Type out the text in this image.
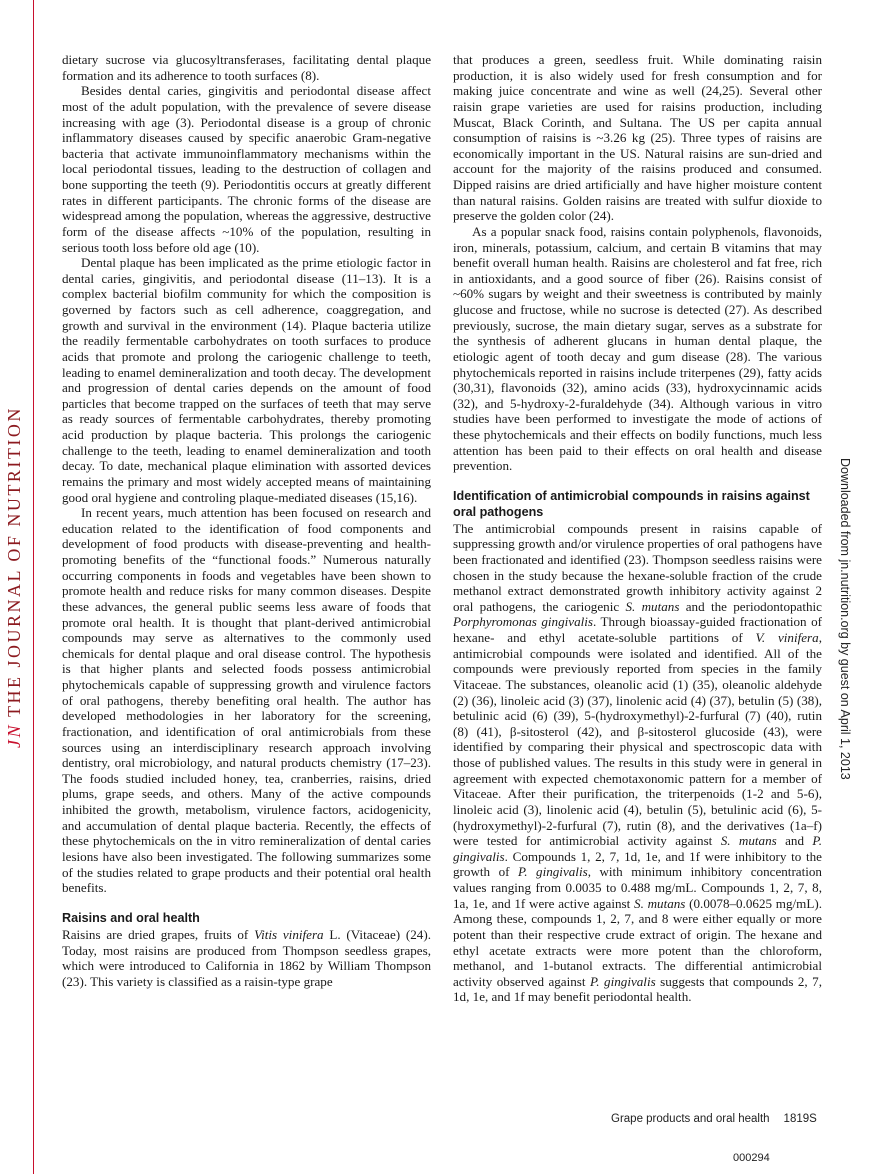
JNTHE JOURNAL OF NUTRITION	Downloaded from jn.nutrition.org by guest on April 1, 2013

dietary sucrose via glucosyltransferases, facilitating dental plaque formation and its adherence to tooth surfaces (8).

Besides dental caries, gingivitis and periodontal disease affect most of the adult population, with the prevalence of severe disease increasing with age (3). Periodontal disease is a group of chronic inflammatory diseases caused by specific anaerobic Gram-negative bacteria that activate immunoinflammatory mechanisms within the local periodontal tissues, leading to the destruction of collagen and bone supporting the teeth (9). Periodontitis occurs at greatly different rates in different participants. The chronic forms of the disease are widespread among the population, whereas the aggressive, destructive form of the disease affects ~10% of the population, resulting in serious tooth loss before old age (10).

Dental plaque has been implicated as the prime etiologic factor in dental caries, gingivitis, and periodontal disease (11–13). It is a complex bacterial biofilm community for which the composition is governed by factors such as cell adherence, coaggregation, and growth and survival in the environment (14). Plaque bacteria utilize the readily fermentable carbohydrates on tooth surfaces to produce acids that promote and prolong the cariogenic challenge to teeth, leading to enamel demineralization and tooth decay. The development and progression of dental caries depends on the amount of food particles that become trapped on the surfaces of teeth that may serve as ready sources of fermentable carbohydrates, thereby promoting acid production by plaque bacteria. This prolongs the cariogenic challenge to the teeth, leading to enamel demineralization and tooth decay. To date, mechanical plaque elimination with assorted devices remains the primary and most widely accepted means of maintaining good oral hygiene and controling plaque-mediated diseases (15,16).

In recent years, much attention has been focused on research and education related to the identification of food components and development of food products with disease-preventing and health-promoting benefits of the “functional foods.” Numerous naturally occurring components in foods and vegetables have been shown to promote health and reduce risks for many common diseases. Despite these advances, the general public seems less aware of foods that promote oral health. It is thought that plant-derived antimicrobial compounds may serve as alternatives to the commonly used chemicals for dental plaque and oral disease control. The hypothesis is that higher plants and selected foods possess antimicrobial phytochemicals capable of suppressing growth and virulence factors of oral pathogens, thereby benefiting oral health. The author has developed methodologies in her laboratory for the screening, fractionation, and identification of oral antimicrobials from these sources using an interdisciplinary research approach involving dentistry, oral microbiology, and natural products chemistry (17–23). The foods studied included honey, tea, cranberries, raisins, dried plums, grape seeds, and others. Many of the active compounds inhibited the growth, metabolism, virulence factors, acidogenicity, and accumulation of dental plaque bacteria. Recently, the effects of these phytochemicals on the in vitro remineralization of dental caries lesions have also been investigated. The following summarizes some of the studies related to grape products and their potential oral health benefits.

Raisins and oral health

Raisins are dried grapes, fruits of Vitis vinifera L. (Vitaceae) (24). Today, most raisins are produced from Thompson seedless grapes, which were introduced to California in 1862 by William Thompson (23). This variety is classified as a raisin-type grape

that produces a green, seedless fruit. While dominating raisin production, it is also widely used for fresh consumption and for making juice concentrate and wine as well (24,25). Several other raisin grape varieties are used for raisins production, including Muscat, Black Corinth, and Sultana. The US per capita annual consumption of raisins is ~3.26 kg (25). Three types of raisins are economically important in the US. Natural raisins are sun-dried and account for the majority of the raisins produced and consumed. Dipped raisins are dried artificially and have higher moisture content than natural raisins. Golden raisins are treated with sulfur dioxide to preserve the golden color (24).

As a popular snack food, raisins contain polyphenols, flavonoids, iron, minerals, potassium, calcium, and certain B vitamins that may benefit overall human health. Raisins are cholesterol and fat free, rich in antioxidants, and a good source of fiber (26). Raisins consist of ~60% sugars by weight and their sweetness is contributed by mainly glucose and fructose, while no sucrose is detected (27). As described previously, sucrose, the main dietary sugar, serves as a substrate for the synthesis of adherent glucans in human dental plaque, the etiologic agent of tooth decay and gum disease (28). The various phytochemicals reported in raisins include triterpenes (29), fatty acids (30,31), flavonoids (32), amino acids (33), hydroxycinnamic acids (32), and 5-hydroxy-2-furaldehyde (34). Although various in vitro studies have been performed to investigate the mode of actions of these phytochemicals and their effects on bodily functions, much less attention has been paid to their effects on oral health and disease prevention.

Identification of antimicrobial compounds in raisins against oral pathogens

The antimicrobial compounds present in raisins capable of suppressing growth and/or virulence properties of oral pathogens have been fractionated and identified (23). Thompson seedless raisins were chosen in the study because the hexane-soluble fraction of the crude methanol extract demonstrated growth inhibitory activity against 2 oral pathogens, the cariogenic S. mutans and the periodontopathic Porphyromonas gingivalis. Through bioassay-guided fractionation of hexane- and ethyl acetate-soluble partitions of V. vinifera, antimicrobial compounds were isolated and identified. All of the compounds were previously reported from species in the family Vitaceae. The substances, oleanolic acid (1) (35), oleanolic aldehyde (2) (36), linoleic acid (3) (37), linolenic acid (4) (37), betulin (5) (38), betulinic acid (6) (39), 5-(hydroxymethyl)-2-furfural (7) (40), rutin (8) (41), β-sitosterol (42), and β-sitosterol glucoside (43), were identified by comparing their physical and spectroscopic data with those of published values. The results in this study were in general in agreement with expected chemotaxonomic pattern for a member of Vitaceae. After their purification, the triterpenoids (1-2 and 5-6), linoleic acid (3), linolenic acid (4), betulin (5), betulinic acid (6), 5-(hydroxymethyl)-2-furfural (7), rutin (8), and the derivatives (1a–f) were tested for antimicrobial activity against S. mutans and P. gingivalis. Compounds 1, 2, 7, 1d, 1e, and 1f were inhibitory to the growth of P. gingivalis, with minimum inhibitory concentration values ranging from 0.0035 to 0.488 mg/mL. Compounds 1, 2, 7, 8, 1a, 1e, and 1f were active against S. mutans (0.0078–0.0625 mg/mL). Among these, compounds 1, 2, 7, and 8 were either equally or more potent than their respective crude extract of origin. The hexane and ethyl acetate extracts were more potent than the chloroform, methanol, and 1-butanol extracts. The differential antimicrobial activity observed against P. gingivalis suggests that compounds 2, 7, 1d, 1e, and 1f may benefit periodontal health.

Grape products and oral health 1819S
000294
